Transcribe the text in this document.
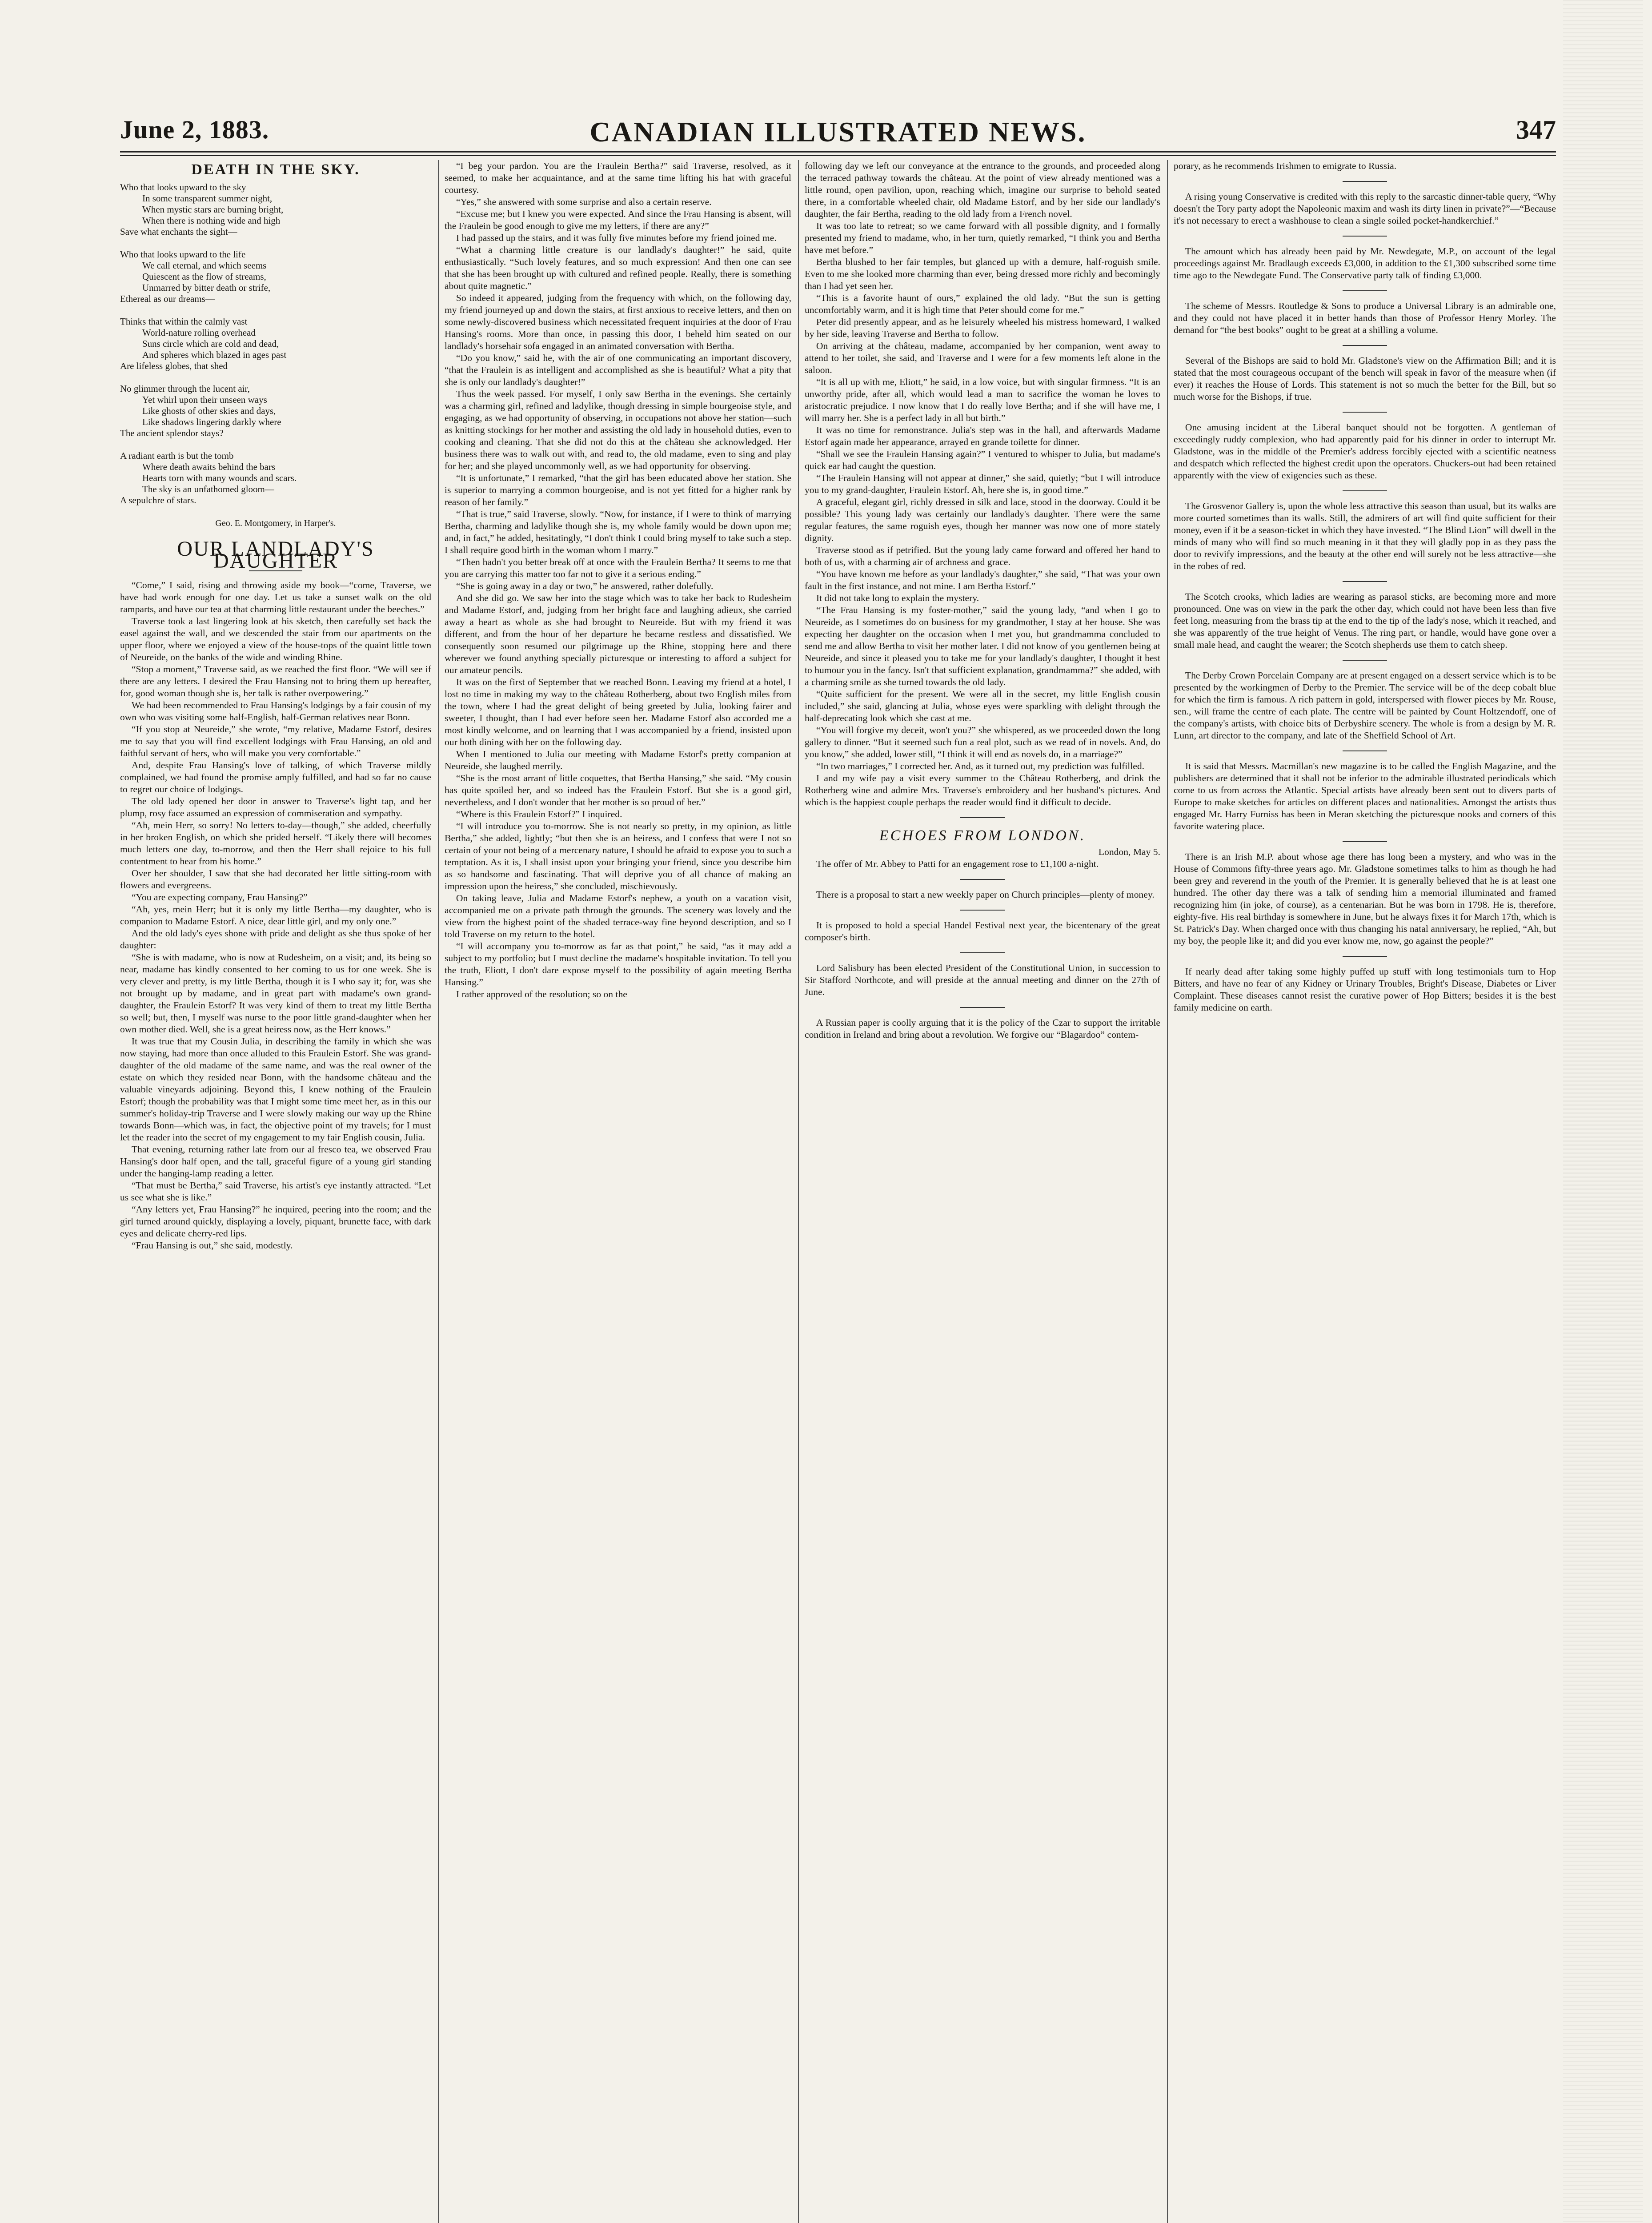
June 2, 1883.	CANADIAN ILLUSTRATED NEWS.	347
DEATH IN THE SKY.
Who that looks upward to the sky
In some transparent summer night,
When mystic stars are burning bright,
When there is nothing wide and high
Save what enchants the sight—
Who that looks upward to the life
We call eternal, and which seems
Quiescent as the flow of streams,
Unmarred by bitter death or strife,
Ethereal as our dreams—
Thinks that within the calmly vast
World-nature rolling overhead
Suns circle which are cold and dead,
And spheres which blazed in ages past
Are lifeless globes, that shed
No glimmer through the lucent air,
Yet whirl upon their unseen ways
Like ghosts of other skies and days,
Like shadows lingering darkly where
The ancient splendor stays?
A radiant earth is but the tomb
Where death awaits behind the bars
Hearts torn with many wounds and scars.
The sky is an unfathomed gloom—
A sepulchre of stars.
Geo. E. Montgomery, in Harper's.
OUR LANDLADY'S DAUGHTER

“Come,” I said, rising and throwing aside my book—“come, Traverse, we have had work enough for one day. Let us take a sunset walk on the old ramparts, and have our tea at that charming little restaurant under the beeches.”

Traverse took a last lingering look at his sketch, then carefully set back the easel against the wall, and we descended the stair from our apartments on the upper floor, where we enjoyed a view of the house-tops of the quaint little town of Neureide, on the banks of the wide and winding Rhine.

“Stop a moment,” Traverse said, as we reached the first floor. “We will see if there are any letters. I desired the Frau Hansing not to bring them up hereafter, for, good woman though she is, her talk is rather overpowering.”

We had been recommended to Frau Hansing's lodgings by a fair cousin of my own who was visiting some half-English, half-German relatives near Bonn.

“If you stop at Neureide,” she wrote, “my relative, Madame Estorf, desires me to say that you will find excellent lodgings with Frau Hansing, an old and faithful servant of hers, who will make you very comfortable.”

And, despite Frau Hansing's love of talking, of which Traverse mildly complained, we had found the promise amply fulfilled, and had so far no cause to regret our choice of lodgings.

The old lady opened her door in answer to Traverse's light tap, and her plump, rosy face assumed an expression of commiseration and sympathy.

“Ah, mein Herr, so sorry! No letters to-day—though,” she added, cheerfully in her broken English, on which she prided herself. “Likely there will becomes much letters one day, to-morrow, and then the Herr shall rejoice to his full contentment to hear from his home.”

Over her shoulder, I saw that she had decorated her little sitting-room with flowers and evergreens.

“You are expecting company, Frau Hansing?”

“Ah, yes, mein Herr; but it is only my little Bertha—my daughter, who is companion to Madame Estorf. A nice, dear little girl, and my only one.”

And the old lady's eyes shone with pride and delight as she thus spoke of her daughter:

“She is with madame, who is now at Rudesheim, on a visit; and, its being so near, madame has kindly consented to her coming to us for one week. She is very clever and pretty, is my little Bertha, though it is I who say it; for, was she not brought up by madame, and in great part with madame's own grand-daughter, the Fraulein Estorf? It was very kind of them to treat my little Bertha so well; but, then, I myself was nurse to the poor little grand-daughter when her own mother died. Well, she is a great heiress now, as the Herr knows.”

It was true that my Cousin Julia, in describing the family in which she was now staying, had more than once alluded to this Fraulein Estorf. She was grand-daughter of the old madame of the same name, and was the real owner of the estate on which they resided near Bonn, with the handsome château and the valuable vineyards adjoining. Beyond this, I knew nothing of the Fraulein Estorf; though the probability was that I might some time meet her, as in this our summer's holiday-trip Traverse and I were slowly making our way up the Rhine towards Bonn—which was, in fact, the objective point of my travels; for I must let the reader into the secret of my engagement to my fair English cousin, Julia.

That evening, returning rather late from our al fresco tea, we observed Frau Hansing's door half open, and the tall, graceful figure of a young girl standing under the hanging-lamp reading a letter.

“That must be Bertha,” said Traverse, his artist's eye instantly attracted. “Let us see what she is like.”

“Any letters yet, Frau Hansing?” he inquired, peering into the room; and the girl turned around quickly, displaying a lovely, piquant, brunette face, with dark eyes and delicate cherry-red lips.

“Frau Hansing is out,” she said, modestly.

“I beg your pardon. You are the Fraulein Bertha?” said Traverse, resolved, as it seemed, to make her acquaintance, and at the same time lifting his hat with graceful courtesy.

“Yes,” she answered with some surprise and also a certain reserve.

“Excuse me; but I knew you were expected. And since the Frau Hansing is absent, will the Fraulein be good enough to give me my letters, if there are any?”

I had passed up the stairs, and it was fully five minutes before my friend joined me.

“What a charming little creature is our landlady's daughter!” he said, quite enthusiastically. “Such lovely features, and so much expression! And then one can see that she has been brought up with cultured and refined people. Really, there is something about quite magnetic.”

So indeed it appeared, judging from the frequency with which, on the following day, my friend journeyed up and down the stairs, at first anxious to receive letters, and then on some newly-discovered business which necessitated frequent inquiries at the door of Frau Hansing's rooms. More than once, in passing this door, I beheld him seated on our landlady's horsehair sofa engaged in an animated conversation with Bertha.

“Do you know,” said he, with the air of one communicating an important discovery, “that the Fraulein is as intelligent and accomplished as she is beautiful? What a pity that she is only our landlady's daughter!”

Thus the week passed. For myself, I only saw Bertha in the evenings. She certainly was a charming girl, refined and ladylike, though dressing in simple bourgeoise style, and engaging, as we had opportunity of observing, in occupations not above her station—such as knitting stockings for her mother and assisting the old lady in household duties, even to cooking and cleaning. That she did not do this at the château she acknowledged. Her business there was to walk out with, and read to, the old madame, even to sing and play for her; and she played uncommonly well, as we had opportunity for observing.

“It is unfortunate,” I remarked, “that the girl has been educated above her station. She is superior to marrying a common bourgeoise, and is not yet fitted for a higher rank by reason of her family.”

“That is true,” said Traverse, slowly. “Now, for instance, if I were to think of marrying Bertha, charming and ladylike though she is, my whole family would be down upon me; and, in fact,” he added, hesitatingly, “I don't think I could bring myself to take such a step. I shall require good birth in the woman whom I marry.”

“Then hadn't you better break off at once with the Fraulein Bertha? It seems to me that you are carrying this matter too far not to give it a serious ending.”

“She is going away in a day or two,” he answered, rather dolefully.

And she did go. We saw her into the stage which was to take her back to Rudesheim and Madame Estorf, and, judging from her bright face and laughing adieux, she carried away a heart as whole as she had brought to Neureide. But with my friend it was different, and from the hour of her departure he became restless and dissatisfied. We consequently soon resumed our pilgrimage up the Rhine, stopping here and there wherever we found anything specially picturesque or interesting to afford a subject for our amateur pencils.

It was on the first of September that we reached Bonn. Leaving my friend at a hotel, I lost no time in making my way to the château Rotherberg, about two English miles from the town, where I had the great delight of being greeted by Julia, looking fairer and sweeter, I thought, than I had ever before seen her. Madame Estorf also accorded me a most kindly welcome, and on learning that I was accompanied by a friend, insisted upon our both dining with her on the following day.

When I mentioned to Julia our meeting with Madame Estorf's pretty companion at Neureide, she laughed merrily.

“She is the most arrant of little coquettes, that Bertha Hansing,” she said. “My cousin has quite spoiled her, and so indeed has the Fraulein Estorf. But she is a good girl, nevertheless, and I don't wonder that her mother is so proud of her.”

“Where is this Fraulein Estorf?” I inquired.

“I will introduce you to-morrow. She is not nearly so pretty, in my opinion, as little Bertha,” she added, lightly; “but then she is an heiress, and I confess that were I not so certain of your not being of a mercenary nature, I should be afraid to expose you to such a temptation. As it is, I shall insist upon your bringing your friend, since you describe him as so handsome and fascinating. That will deprive you of all chance of making an impression upon the heiress,” she concluded, mischievously.

On taking leave, Julia and Madame Estorf's nephew, a youth on a vacation visit, accompanied me on a private path through the grounds. The scenery was lovely and the view from the highest point of the shaded terrace-way fine beyond description, and so I told Traverse on my return to the hotel.

“I will accompany you to-morrow as far as that point,” he said, “as it may add a subject to my portfolio; but I must decline the madame's hospitable invitation. To tell you the truth, Eliott, I don't dare expose myself to the possibility of again meeting Bertha Hansing.”

I rather approved of the resolution; so on the

following day we left our conveyance at the entrance to the grounds, and proceeded along the terraced pathway towards the château. At the point of view already mentioned was a little round, open pavilion, upon, reaching which, imagine our surprise to behold seated there, in a comfortable wheeled chair, old Madame Estorf, and by her side our landlady's daughter, the fair Bertha, reading to the old lady from a French novel.

It was too late to retreat; so we came forward with all possible dignity, and I formally presented my friend to madame, who, in her turn, quietly remarked, “I think you and Bertha have met before.”

Bertha blushed to her fair temples, but glanced up with a demure, half-roguish smile. Even to me she looked more charming than ever, being dressed more richly and becomingly than I had yet seen her.

“This is a favorite haunt of ours,” explained the old lady. “But the sun is getting uncomfortably warm, and it is high time that Peter should come for me.”

Peter did presently appear, and as he leisurely wheeled his mistress homeward, I walked by her side, leaving Traverse and Bertha to follow.

On arriving at the château, madame, accompanied by her companion, went away to attend to her toilet, she said, and Traverse and I were for a few moments left alone in the saloon.

“It is all up with me, Eliott,” he said, in a low voice, but with singular firmness. “It is an unworthy pride, after all, which would lead a man to sacrifice the woman he loves to aristocratic prejudice. I now know that I do really love Bertha; and if she will have me, I will marry her. She is a perfect lady in all but birth.”

It was no time for remonstrance. Julia's step was in the hall, and afterwards Madame Estorf again made her appearance, arrayed en grande toilette for dinner.

“Shall we see the Fraulein Hansing again?” I ventured to whisper to Julia, but madame's quick ear had caught the question.

“The Fraulein Hansing will not appear at dinner,” she said, quietly; “but I will introduce you to my grand-daughter, Fraulein Estorf. Ah, here she is, in good time.”

A graceful, elegant girl, richly dressed in silk and lace, stood in the doorway. Could it be possible? This young lady was certainly our landlady's daughter. There were the same regular features, the same roguish eyes, though her manner was now one of more stately dignity.

Traverse stood as if petrified. But the young lady came forward and offered her hand to both of us, with a charming air of archness and grace.

“You have known me before as your landlady's daughter,” she said, “That was your own fault in the first instance, and not mine. I am Bertha Estorf.”

It did not take long to explain the mystery.

“The Frau Hansing is my foster-mother,” said the young lady, “and when I go to Neureide, as I sometimes do on business for my grandmother, I stay at her house. She was expecting her daughter on the occasion when I met you, but grandmamma concluded to send me and allow Bertha to visit her mother later. I did not know of you gentlemen being at Neureide, and since it pleased you to take me for your landlady's daughter, I thought it best to humour you in the fancy. Isn't that sufficient explanation, grandmamma?” she added, with a charming smile as she turned towards the old lady.

“Quite sufficient for the present. We were all in the secret, my little English cousin included,” she said, glancing at Julia, whose eyes were sparkling with delight through the half-deprecating look which she cast at me.

“You will forgive my deceit, won't you?” she whispered, as we proceeded down the long gallery to dinner. “But it seemed such fun a real plot, such as we read of in novels. And, do you know,” she added, lower still, “I think it will end as novels do, in a marriage?”

“In two marriages,” I corrected her. And, as it turned out, my prediction was fulfilled.

I and my wife pay a visit every summer to the Château Rotherberg, and drink the Rotherberg wine and admire Mrs. Traverse's embroidery and her husband's pictures. And which is the happiest couple perhaps the reader would find it difficult to decide.

ECHOES FROM LONDON.

London, May 5.

The offer of Mr. Abbey to Patti for an engagement rose to £1,100 a-night.

There is a proposal to start a new weekly paper on Church principles—plenty of money.

It is proposed to hold a special Handel Festival next year, the bicentenary of the great composer's birth.

Lord Salisbury has been elected President of the Constitutional Union, in succession to Sir Stafford Northcote, and will preside at the annual meeting and dinner on the 27th of June.

A Russian paper is coolly arguing that it is the policy of the Czar to support the irritable condition in Ireland and bring about a revolution. We forgive our “Blagardoo” contem-

porary, as he recommends Irishmen to emigrate to Russia.

A rising young Conservative is credited with this reply to the sarcastic dinner-table query, “Why doesn't the Tory party adopt the Napoleonic maxim and wash its dirty linen in private?”—“Because it's not necessary to erect a washhouse to clean a single soiled pocket-handkerchief.”

The amount which has already been paid by Mr. Newdegate, M.P., on account of the legal proceedings against Mr. Bradlaugh exceeds £3,000, in addition to the £1,300 subscribed some time time ago to the Newdegate Fund. The Conservative party talk of finding £3,000.

The scheme of Messrs. Routledge & Sons to produce a Universal Library is an admirable one, and they could not have placed it in better hands than those of Professor Henry Morley. The demand for “the best books” ought to be great at a shilling a volume.

Several of the Bishops are said to hold Mr. Gladstone's view on the Affirmation Bill; and it is stated that the most courageous occupant of the bench will speak in favor of the measure when (if ever) it reaches the House of Lords. This statement is not so much the better for the Bill, but so much worse for the Bishops, if true.

One amusing incident at the Liberal banquet should not be forgotten. A gentleman of exceedingly ruddy complexion, who had apparently paid for his dinner in order to interrupt Mr. Gladstone, was in the middle of the Premier's address forcibly ejected with a scientific neatness and despatch which reflected the highest credit upon the operators. Chuckers-out had been retained apparently with the view of exigencies such as these.

The Grosvenor Gallery is, upon the whole less attractive this season than usual, but its walks are more courted sometimes than its walls. Still, the admirers of art will find quite sufficient for their money, even if it be a season-ticket in which they have invested. “The Blind Lion” will dwell in the minds of many who will find so much meaning in it that they will gladly pop in as they pass the door to revivify impressions, and the beauty at the other end will surely not be less attractive—she in the robes of red.

The Scotch crooks, which ladies are wearing as parasol sticks, are becoming more and more pronounced. One was on view in the park the other day, which could not have been less than five feet long, measuring from the brass tip at the end to the tip of the lady's nose, which it reached, and she was apparently of the true height of Venus. The ring part, or handle, would have gone over a small male head, and caught the wearer; the Scotch shepherds use them to catch sheep.

The Derby Crown Porcelain Company are at present engaged on a dessert service which is to be presented by the workingmen of Derby to the Premier. The service will be of the deep cobalt blue for which the firm is famous. A rich pattern in gold, interspersed with flower pieces by Mr. Rouse, sen., will frame the centre of each plate. The centre will be painted by Count Holtzendoff, one of the company's artists, with choice bits of Derbyshire scenery. The whole is from a design by M. R. Lunn, art director to the company, and late of the Sheffield School of Art.

It is said that Messrs. Macmillan's new magazine is to be called the English Magazine, and the publishers are determined that it shall not be inferior to the admirable illustrated periodicals which come to us from across the Atlantic. Special artists have already been sent out to divers parts of Europe to make sketches for articles on different places and nationalities. Amongst the artists thus engaged Mr. Harry Furniss has been in Meran sketching the picturesque nooks and corners of this favorite watering place.

There is an Irish M.P. about whose age there has long been a mystery, and who was in the House of Commons fifty-three years ago. Mr. Gladstone sometimes talks to him as though he had been grey and reverend in the youth of the Premier. It is generally believed that he is at least one hundred. The other day there was a talk of sending him a memorial illuminated and framed recognizing him (in joke, of course), as a centenarian. But he was born in 1798. He is, therefore, eighty-five. His real birthday is somewhere in June, but he always fixes it for March 17th, which is St. Patrick's Day. When charged once with thus changing his natal anniversary, he replied, “Ah, but my boy, the people like it; and did you ever know me, now, go against the people?”

If nearly dead after taking some highly puffed up stuff with long testimonials turn to Hop Bitters, and have no fear of any Kidney or Urinary Troubles, Bright's Disease, Diabetes or Liver Complaint. These diseases cannot resist the curative power of Hop Bitters; besides it is the best family medicine on earth.
